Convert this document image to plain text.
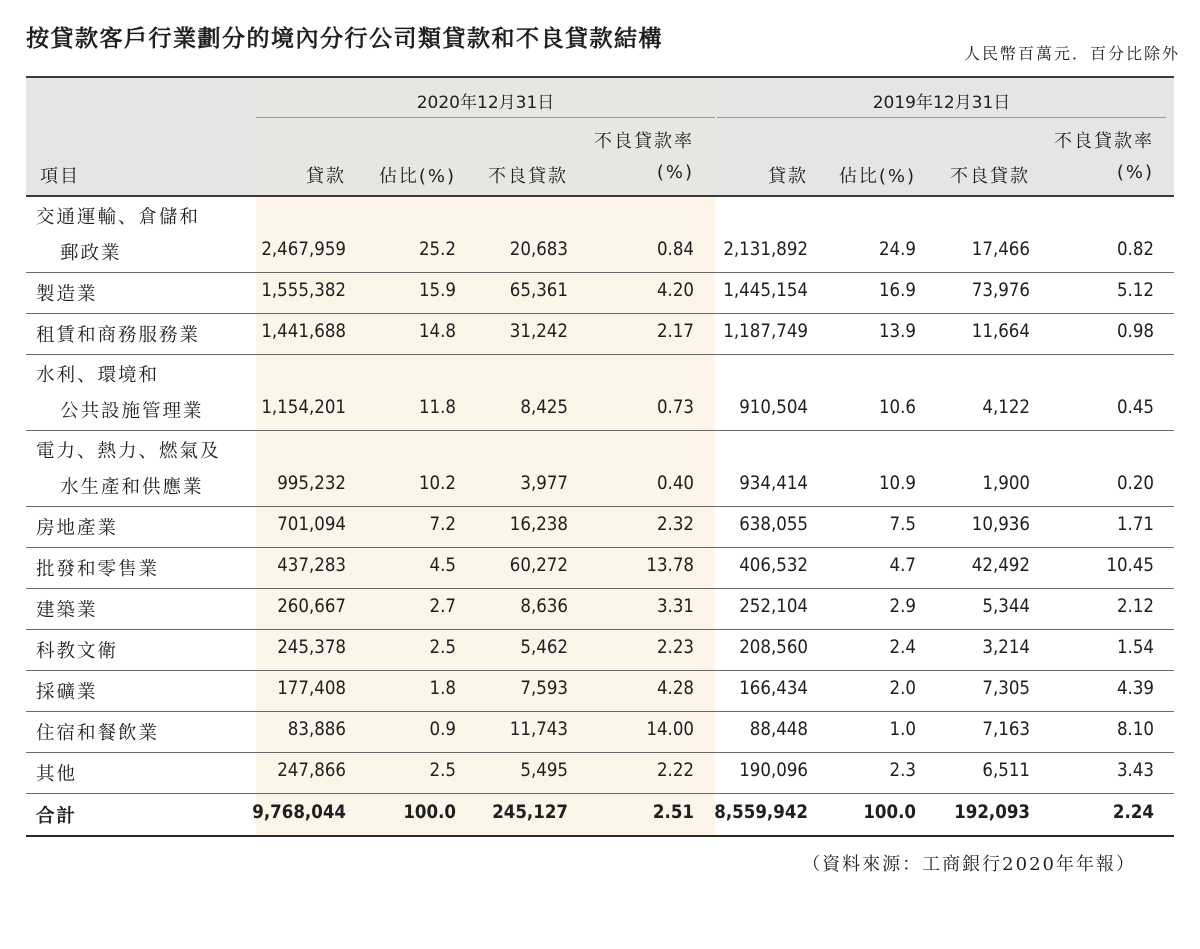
按貸款客戶行業劃分的境內分行公司類貸款和不良貸款結構
人民幣百萬元．百分比除外
2020年12月31日	2019年12月31日
項目	貸款 佔比(%) 不良貸款
不良貸款率
(%)	貸款 佔比(%) 不良貸款
不良貸款率
(%)
交通運輸、倉儲和
郵政業	2,467,959	25.2	20,683	0.84 2,131,892	24.9	17,466	0.82
製造業	1,555,382	15.9	65,361	4.20 1,445,154	16.9	73,976	5.12
租賃和商務服務業	1,441,688	14.8	31,242	2.17 1,187,749	13.9	11,664	0.98
水利、環境和
公共設施管理業	1,154,201	11.8	8,425	0.73 910,504	10.6	4,122	0.45
電力、熱力、燃氣及
水生產和供應業	995,232	10.2	3,977	0.40 934,414	10.9	1,900	0.20
房地產業	701,094	7.2	16,238	2.32 638,055	7.5	10,936	1.71
批發和零售業	437,283	4.5	60,272	13.78 406,532	4.7	42,492	10.45
建築業	260,667	2.7	8,636	3.31 252,104	2.9	5,344	2.12
科教文衛	245,378	2.5	5,462	2.23 208,560	2.4	3,214	1.54
採礦業	177,408	1.8	7,593	4.28 166,434	2.0	7,305	4.39
住宿和餐飲業	83,886	0.9	11,743	14.00	88,448	1.0	7,163	8.10
其他	247,866	2.5	5,495	2.22 190,096	2.3	6,511	3.43
合計	9,768,044	100.0 245,127	2.51 8,559,942	100.0 192,093	2.24
（資料來源：工商銀行2020年年報）
